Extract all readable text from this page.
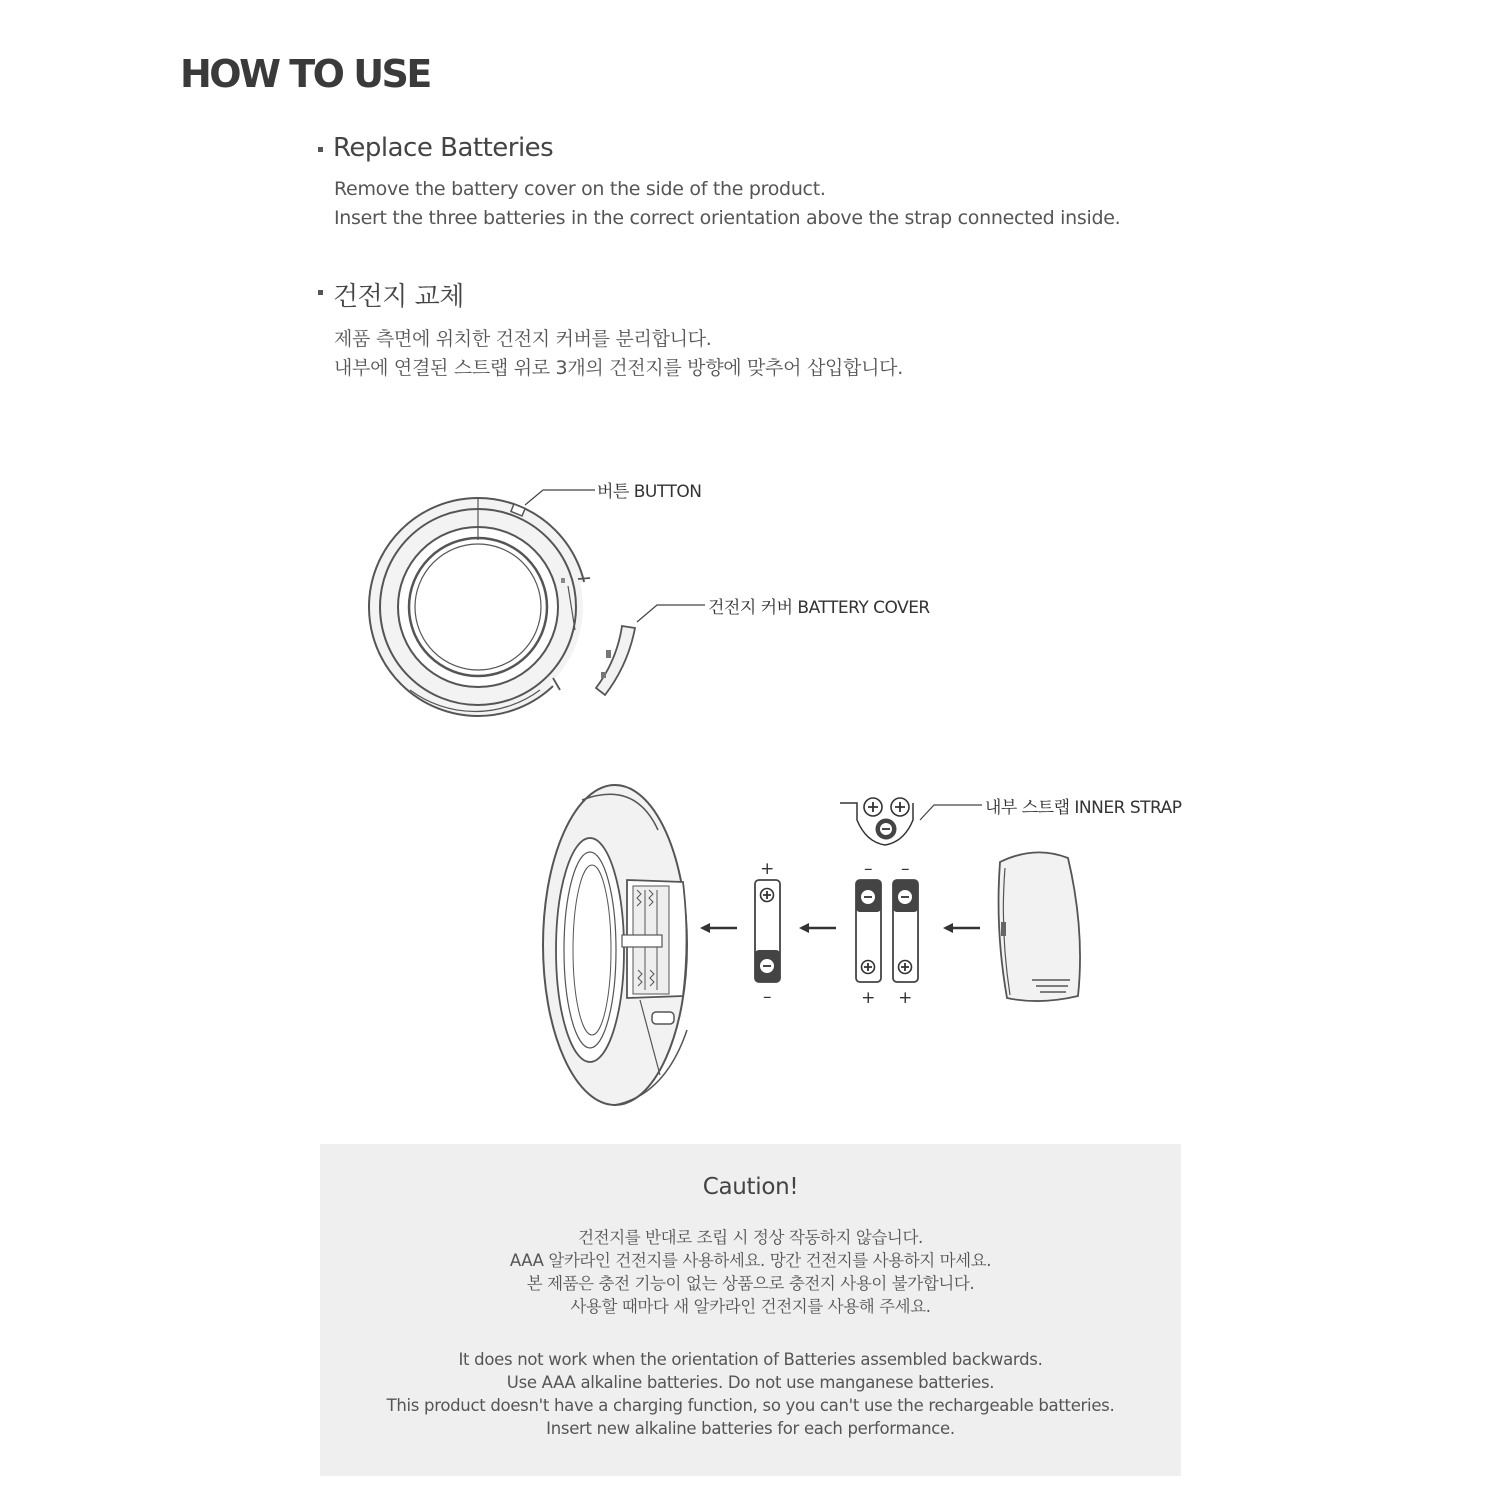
HOW TO USE
Replace Batteries
Remove the battery cover on the side of the product.
Insert the three batteries in the correct orientation above the strap connected inside.
건전지 교체
제품 측면에 위치한 건전지 커버를 분리합니다.
내부에 연결된 스트랩 위로 3개의 건전지를 방향에 맞추어 삽입합니다.
버튼 BUTTON
건전지 커버 BATTERY COVER
+
–
– –
+ +
내부 스트랩 INNER STRAP
Caution!
건전지를 반대로 조립 시 정상 작동하지 않습니다.
AAA 알카라인 건전지를 사용하세요. 망간 건전지를 사용하지 마세요.
본 제품은 충전 기능이 없는 상품으로 충전지 사용이 불가합니다.
사용할 때마다 새 알카라인 건전지를 사용해 주세요.
It does not work when the orientation of Batteries assembled backwards.
Use AAA alkaline batteries. Do not use manganese batteries.
This product doesn't have a charging function, so you can't use the rechargeable batteries.
Insert new alkaline batteries for each performance.
